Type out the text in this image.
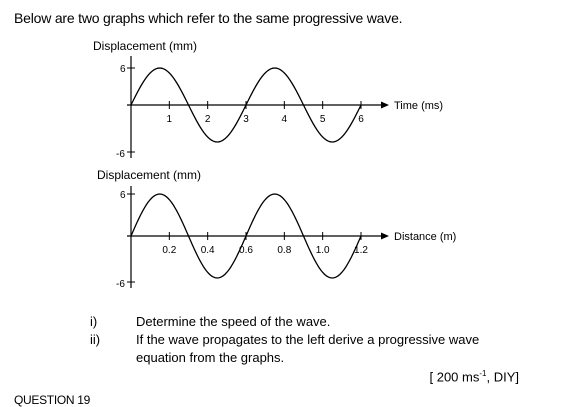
Below are two graphs which refer to the same progressive wave.
Displacement (mm)
6
-6
Time (ms)
1	2	3	4	5	6
Displacement (mm)
6
-6
Distance (m)
0.2 0.4 0.6 0.8 1.0 1.2
i)	Determine the speed of the wave.
ii)	If the wave propagates to the left derive a progressive wave equation from the graphs.
[ 200 $ms^{-1}$, DIY]
QUESTION 19
